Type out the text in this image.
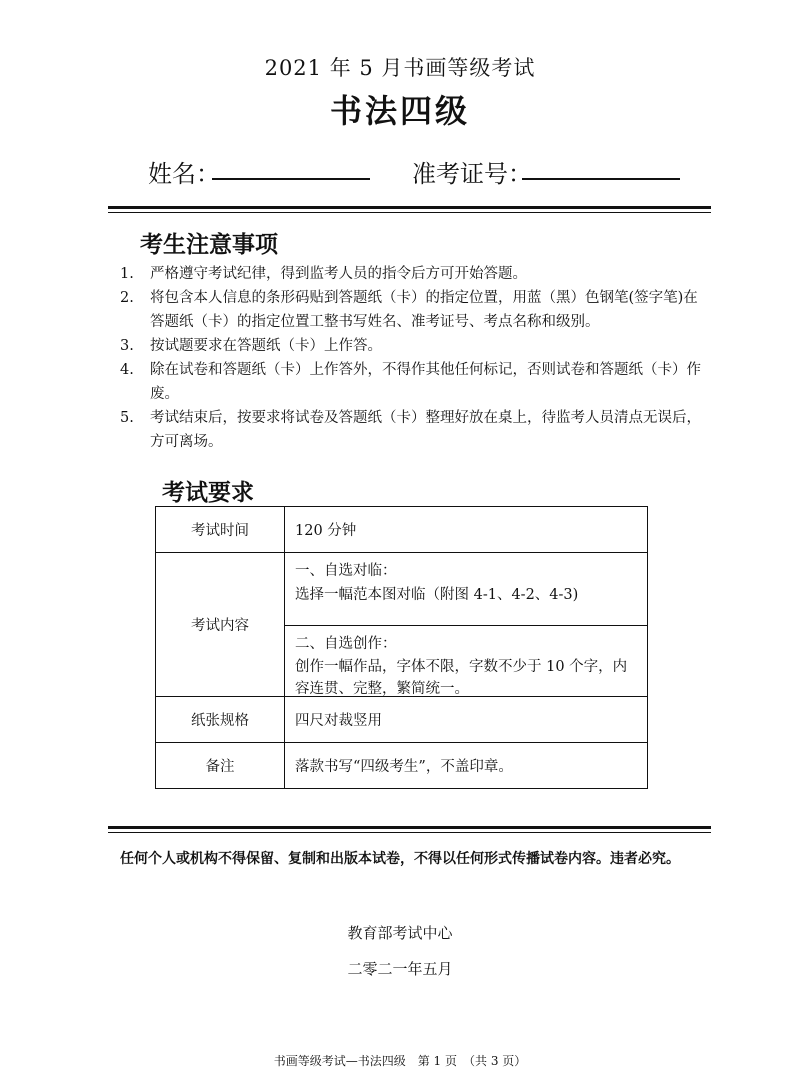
2021 年 5 月书画等级考试
书法四级
姓名：	准考证号：
考生注意事项
1.	严格遵守考试纪律，得到监考人员的指令后方可开始答题。
2.	将包含本人信息的条形码贴到答题纸（卡）的指定位置，用蓝（黑）色钢笔(签字笔)在答题纸（卡）的指定位置工整书写姓名、准考证号、考点名称和级别。
3.	按试题要求在答题纸（卡）上作答。
4.	除在试卷和答题纸（卡）上作答外，不得作其他任何标记，否则试卷和答题纸（卡）作废。
5.	考试结束后，按要求将试卷及答题纸（卡）整理好放在桌上，待监考人员清点无误后，方可离场。
考试要求
考试时间	120 分钟
考试内容	一、自选对临：
选择一幅范本图对临（附图 4-1、4-2、4-3)
二、自选创作：
创作一幅作品，字体不限，字数不少于 10 个字，内容连贯、完整，繁简统一。

纸张规格	四尺对裁竖用
备注	落款书写“四级考生”，不盖印章。
任何个人或机构不得保留、复制和出版本试卷，不得以任何形式传播试卷内容。违者必究。
教育部考试中心
二零二一年五月
书画等级考试—书法四级　第 1 页　（共 3 页）
